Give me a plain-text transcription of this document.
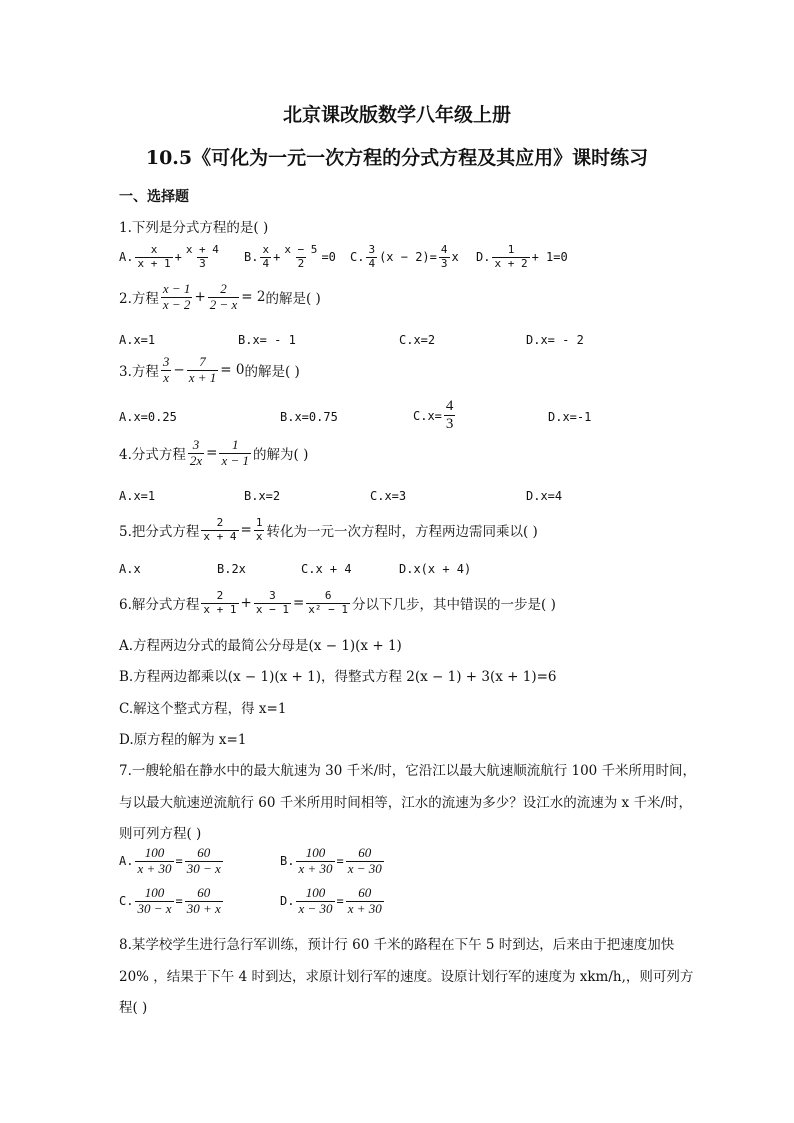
北京课改版数学八年级上册
10.5《可化为一元一次方程的分式方程及其应用》课时练习
一、选择题
1.下列是分式方程的是( )
A. $\frac{x}{x + 1} + \frac{x + 4}{3} B$. $\frac{x}{4} + \frac{x - 5}{2} =0$ C. $\frac{3}{4} (x - 2)= \frac{4}{3}$ x D. $\frac{1}{x + 2} + 1=0$
2.方程 $\frac{x - 1}{x - 2} + \frac{2}{2 - x} = 2$ 的解是( )
A.x=1	B.x= - 1	C.x=2	D.x= - 2
3.方程 $\frac{3}{x} - \frac{7}{x + 1} = 0$ 的解是( )
A.x=0.25	B.x=0.75	$C.x= \frac{4}{3}$	D.x=-1
4.分式方程 $\frac{3}{2x} = \frac{1}{x - 1}$ 的解为( )
A.x=1	B.x=2	C.x=3	D.x=4
5.把分式方程 $\frac{2}{x + 4} = \frac{1}{x}$ 转化为一元一次方程时，方程两边需同乘以( )
A.x	B.2x	C.x + 4	D.x(x + 4)
6.解分式方程 $\frac{2}{x + 1} + \frac{3}{x - 1} = \frac{6}{\text{x² − 1}}$ 分以下几步，其中错误的一步是( )
A.方程两边分式的最简公分母是(x − 1)(x + 1)
B.方程两边都乘以(x − 1)(x + 1)，得整式方程 2(x − 1) + 3(x + 1)=6
C.解这个整式方程，得 x=1
D.原方程的解为 x=1
7.一艘轮船在静水中的最大航速为 30 千米/时，它沿江以最大航速顺流航行 100 千米所用时间，
与以最大航速逆流航行 60 千米所用时间相等，江水的流速为多少？设江水的流速为 x 千米/时，
则可列方程( )
A. $\frac{100}{x + 30} = \frac{60}{30 - x}$	B. $\frac{100}{x + 30} = \frac{60}{x - 30}$
C. $\frac{100}{30 - x} = \frac{60}{30 + x}$	D. $\frac{100}{x - 30} = \frac{60}{x + 30}$
8.某学校学生进行急行军训练，预计行 60 千米的路程在下午 5 时到达，后来由于把速度加快
20% ，结果于下午 4 时到达，求原计划行军的速度。设原计划行军的速度为 xkm/h,，则可列方
程( )
